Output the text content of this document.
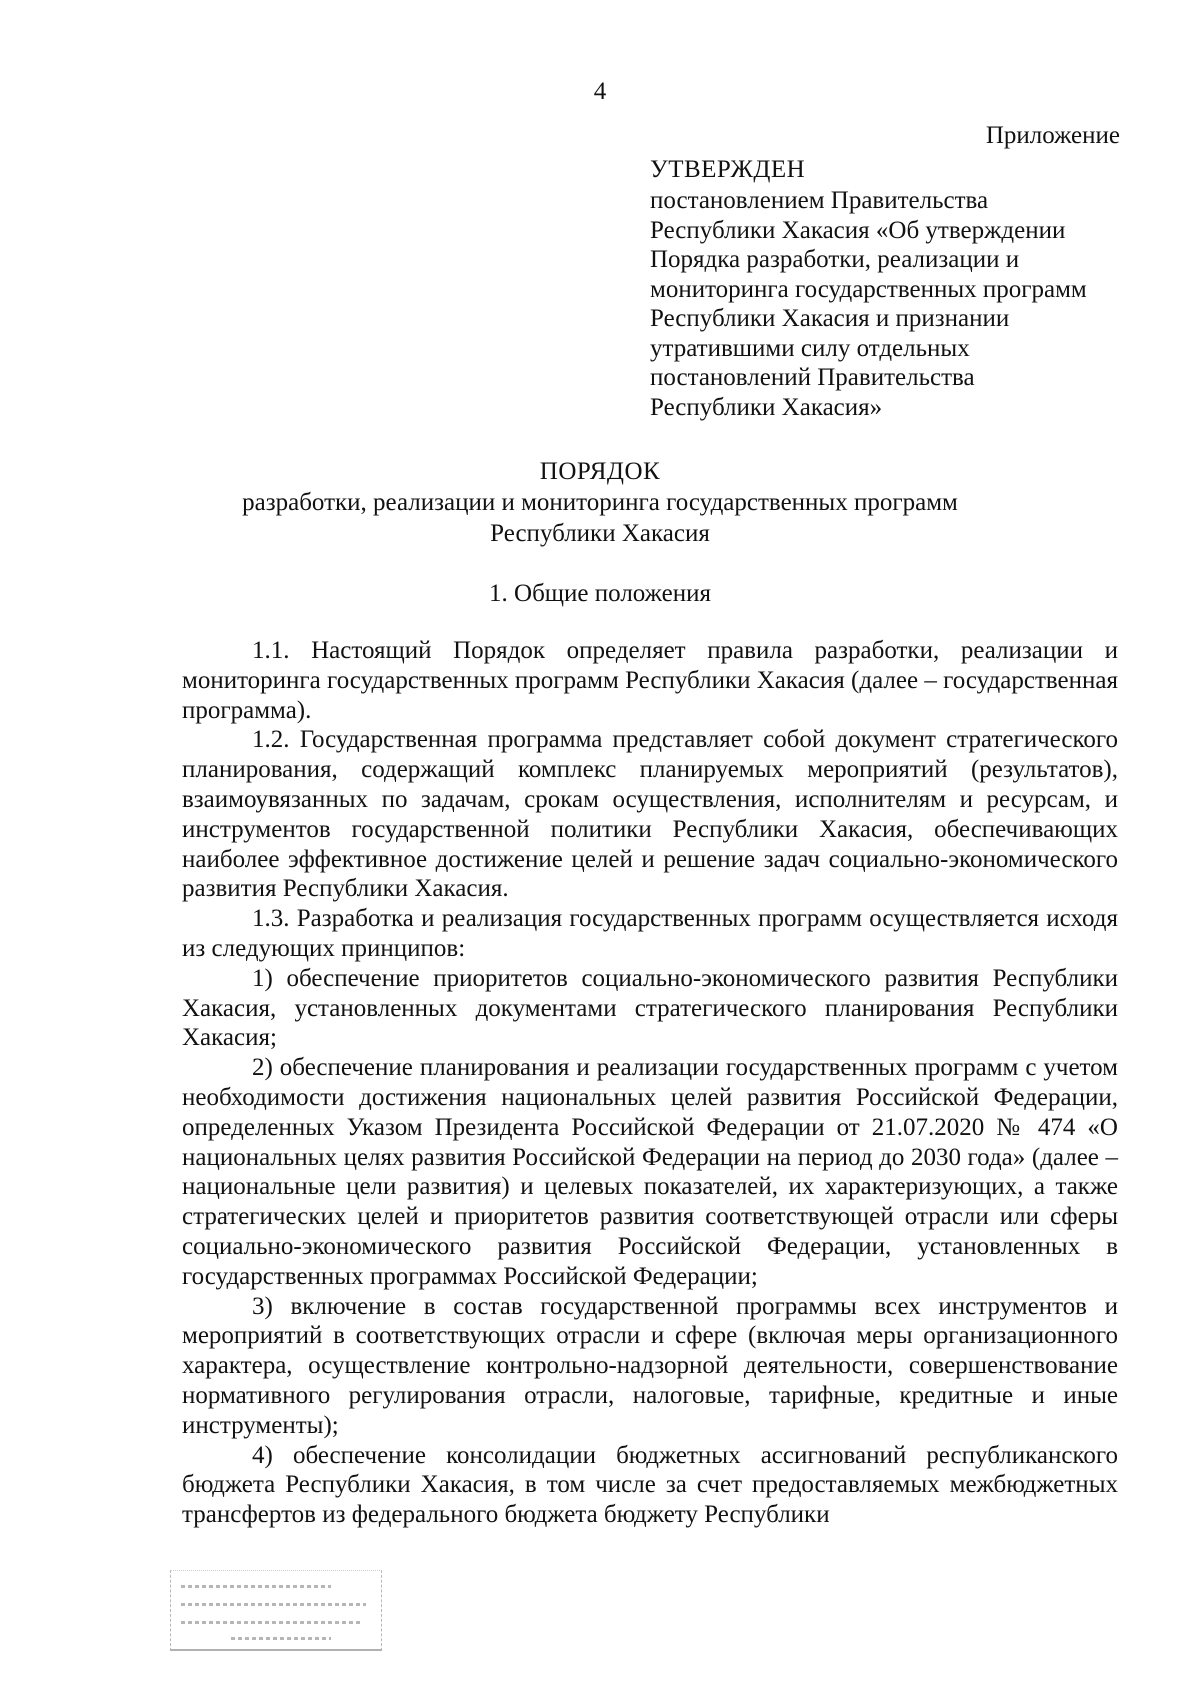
4
Приложение
УТВЕРЖДЕН
постановлением Правительства
Республики Хакасия «Об утверждении
Порядка разработки, реализации и
мониторинга государственных программ
Республики Хакасия и признании
утратившими силу отдельных
постановлений Правительства
Республики Хакасия»
ПОРЯДОК
разработки, реализации и мониторинга государственных программ
Республики Хакасия
1. Общие положения

1.1. Настоящий Порядок определяет правила разработки, реализации и мониторинга государственных программ Республики Хакасия (далее – государственная программа).

1.2. Государственная программа представляет собой документ стратегического планирования, содержащий комплекс планируемых мероприятий (результатов), взаимоувязанных по задачам, срокам осуществления, исполнителям и ресурсам, и инструментов государственной политики Республики Хакасия, обеспечивающих наиболее эффективное достижение целей и решение задач социально-экономического развития Республики Хакасия.

1.3. Разработка и реализация государственных программ осуществляется исходя из следующих принципов:

1) обеспечение приоритетов социально-экономического развития Республики Хакасия, установленных документами стратегического планирования Республики Хакасия;

2) обеспечение планирования и реализации государственных программ с учетом необходимости достижения национальных целей развития Российской Федерации, определенных Указом Президента Российской Федерации от 21.07.2020 № 474 «О национальных целях развития Российской Федерации на период до 2030 года» (далее – национальные цели развития) и целевых показателей, их характеризующих, а также стратегических целей и приоритетов развития соответствующей отрасли или сферы социально-экономического развития Российской Федерации, установленных в государственных программах Российской Федерации;

3) включение в состав государственной программы всех инструментов и мероприятий в соответствующих отрасли и сфере (включая меры организационного характера, осуществление контрольно-надзорной деятельности, совершенствование нормативного регулирования отрасли, налоговые, тарифные, кредитные и иные инструменты);

4) обеспечение консолидации бюджетных ассигнований республиканского бюджета Республики Хакасия, в том числе за счет предоставляемых межбюджетных трансфертов из федерального бюджета бюджету Республики
